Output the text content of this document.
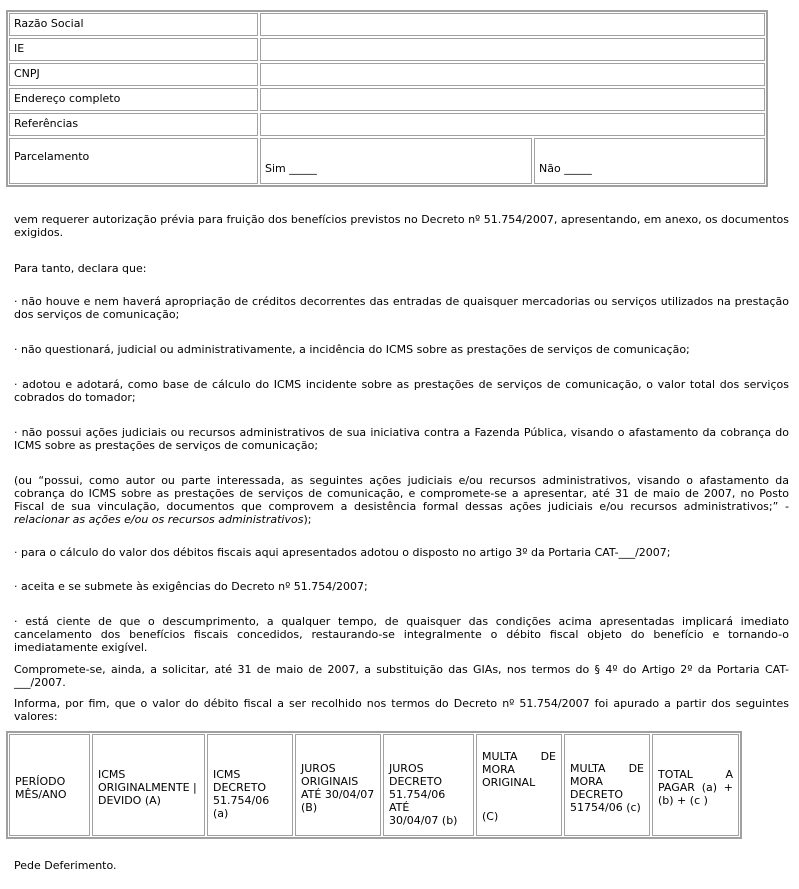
Razão Social
IE
CNPJ
Endereço completo
Referências
Parcelamento
Sim _____	Não _____
vem requerer autorização prévia para fruição dos benefícios previstos no Decreto nº 51.754/2007, apresentando, em anexo, os documentos exigidos.
Para tanto, declara que:
· não houve e nem haverá apropriação de créditos decorrentes das entradas de quaisquer mercadorias ou serviços utilizados na prestação dos serviços de comunicação;
· não questionará, judicial ou administrativamente, a incidência do ICMS sobre as prestações de serviços de comunicação;
· adotou e adotará, como base de cálculo do ICMS incidente sobre as prestações de serviços de comunicação, o valor total dos serviços cobrados do tomador;
· não possui ações judiciais ou recursos administrativos de sua iniciativa contra a Fazenda Pública, visando o afastamento da cobrança do ICMS sobre as prestações de serviços de comunicação;
(ou “possui, como autor ou parte interessada, as seguintes ações judiciais e/ou recursos administrativos, visando o afastamento da cobrança do ICMS sobre as prestações de serviços de comunicação, e compromete-se a apresentar, até 31 de maio de 2007, no Posto Fiscal de sua vinculação, documentos que comprovem a desistência formal dessas ações judiciais e/ou recursos administrativos;” - relacionar as ações e/ou os recursos administrativos);
· para o cálculo do valor dos débitos fiscais aqui apresentados adotou o disposto no artigo 3º da Portaria CAT-___/2007;
· aceita e se submete às exigências do Decreto nº 51.754/2007;
· está ciente de que o descumprimento, a qualquer tempo, de quaisquer das condições acima apresentadas implicará imediato cancelamento dos benefícios fiscais concedidos, restaurando-se integralmente o débito fiscal objeto do benefício e tornando-o imediatamente exigível.
Compromete-se, ainda, a solicitar, até 31 de maio de 2007, a substituição das GIAs, nos termos do § 4º do Artigo 2º da Portaria CAT-___/2007.
Informa, por fim, que o valor do débito fiscal a ser recolhido nos termos do Decreto nº 51.754/2007 foi apurado a partir dos seguintes valores:
PERÍODO
MÊS/ANO
ICMS
ORIGINALMENTE |
DEVIDO (A)
ICMS
DECRETO
51.754/06 (a)
JUROS
ORIGINAIS
ATÉ 30/04/07
(B)
JUROS
DECRETO
51.754/06 ATÉ
30/04/07 (b)
MULTA DE
MORA
ORIGINAL
(C)
MULTA DE
MORA
DECRETO
51754/06 (c)
TOTAL A
PAGAR (a) +
(b) + (c )
Pede Deferimento.
